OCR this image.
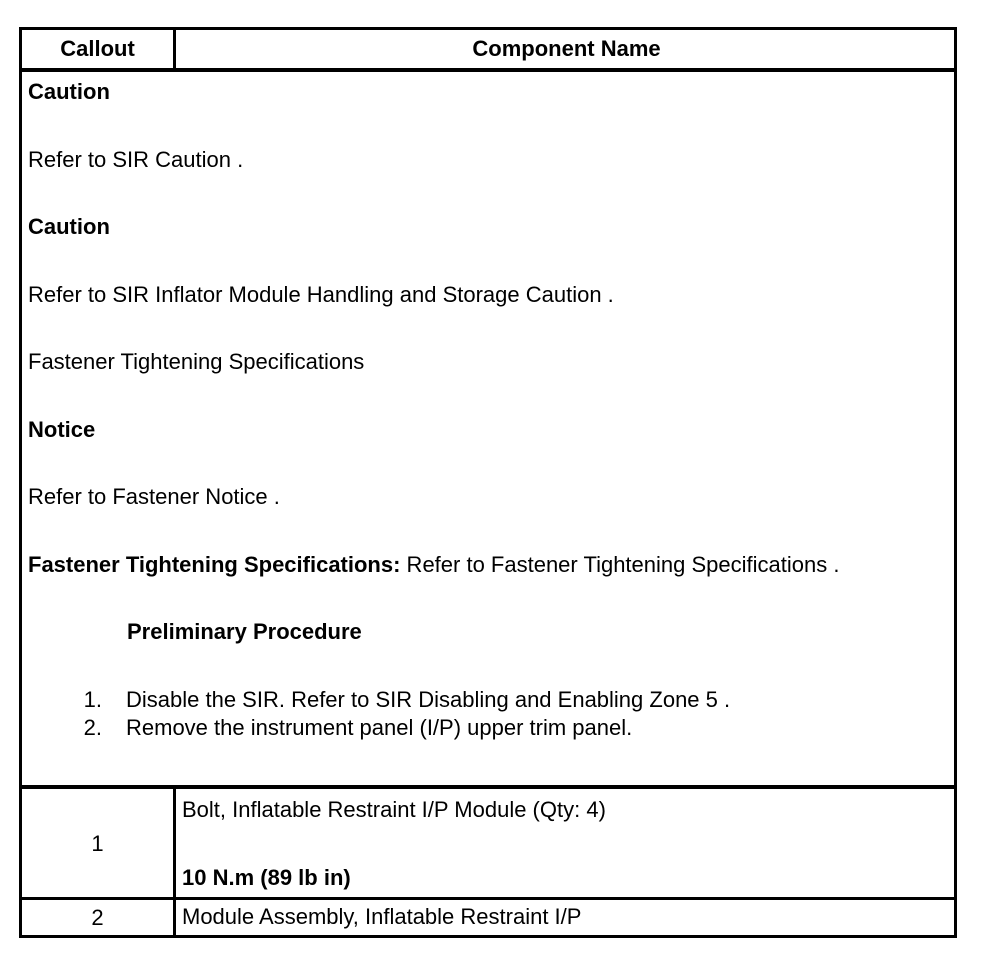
Callout	Component Name
Caution
Refer to SIR Caution .
Caution
Refer to SIR Inflator Module Handling and Storage Caution .
Fastener Tightening Specifications
Notice
Refer to Fastener Notice .
Fastener Tightening Specifications: Refer to Fastener Tightening Specifications .
Preliminary Procedure
1. Disable the SIR. Refer to SIR Disabling and Enabling Zone 5 .
2. Remove the instrument panel (I/P) upper trim panel.
1
Bolt, Inflatable Restraint I/P Module (Qty: 4)
10 N.m (89 lb in)
2	Module Assembly, Inflatable Restraint I/P
